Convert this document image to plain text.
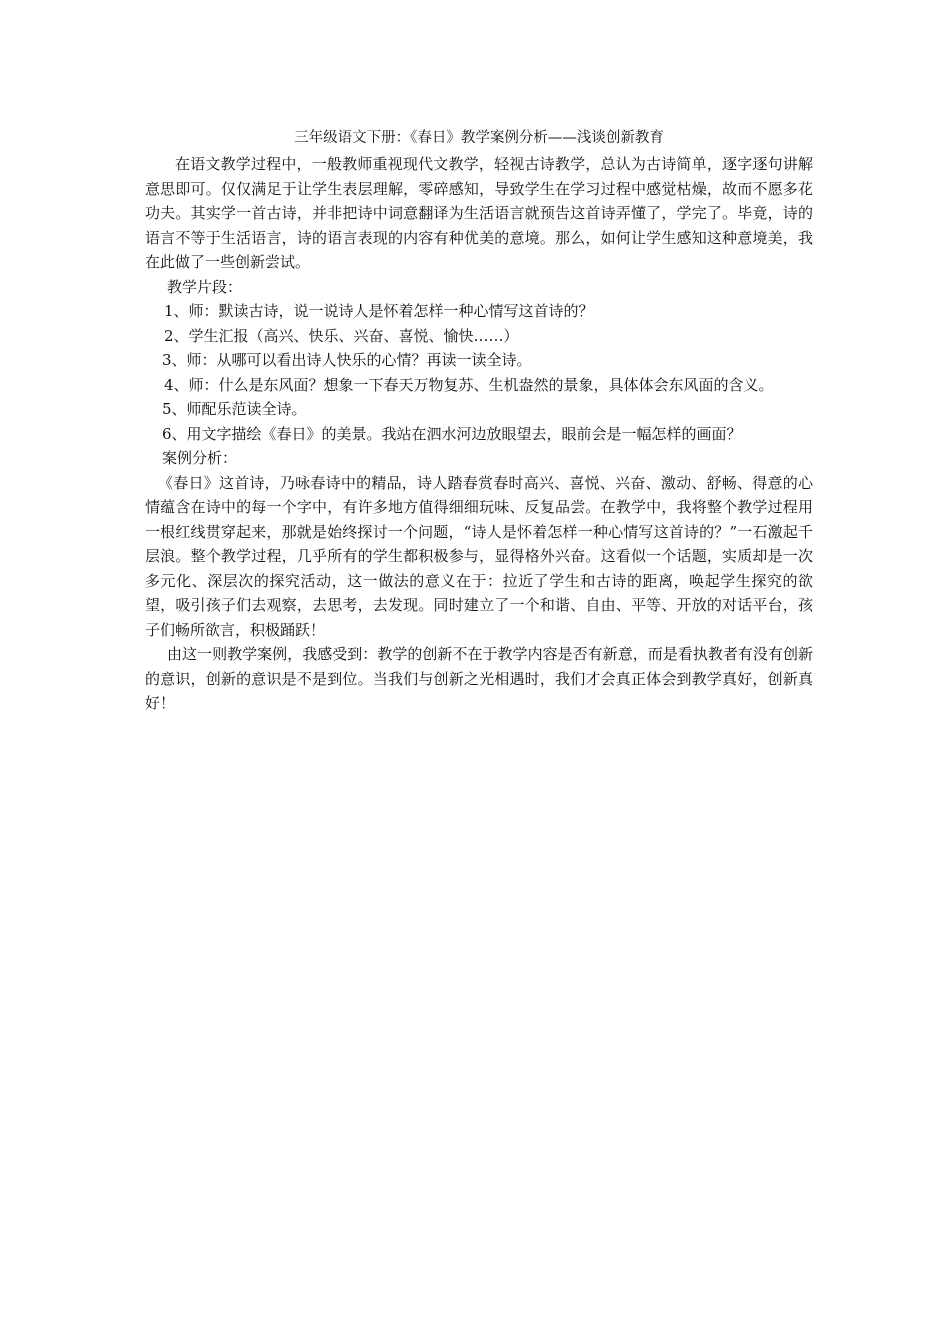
三年级语文下册：《春日》教学案例分析——浅谈创新教育

在语文教学过程中，一般教师重视现代文教学，轻视古诗教学，总认为古诗简单，逐字逐句讲解意思即可。仅仅满足于让学生表层理解，零碎感知，导致学生在学习过程中感觉枯燥，故而不愿多花功夫。其实学一首古诗，并非把诗中词意翻译为生活语言就预告这首诗弄懂了，学完了。毕竟，诗的语言不等于生活语言，诗的语言表现的内容有种优美的意境。那么，如何让学生感知这种意境美，我在此做了一些创新尝试。

教学片段：

1、师：默读古诗，说一说诗人是怀着怎样一种心情写这首诗的？

2、学生汇报（高兴、快乐、兴奋、喜悦、愉快……）

3、师：从哪可以看出诗人快乐的心情？再读一读全诗。

4、师：什么是东风面？想象一下春天万物复苏、生机盎然的景象，具体体会东风面的含义。

5、师配乐范读全诗。

6、用文字描绘《春日》的美景。我站在泗水河边放眼望去，眼前会是一幅怎样的画面？

案例分析：

《春日》这首诗，乃咏春诗中的精品，诗人踏春赏春时高兴、喜悦、兴奋、激动、舒畅、得意的心情蕴含在诗中的每一个字中，有许多地方值得细细玩味、反复品尝。在教学中，我将整个教学过程用一根红线贯穿起来，那就是始终探讨一个问题，“诗人是怀着怎样一种心情写这首诗的？”一石激起千层浪。整个教学过程，几乎所有的学生都积极参与，显得格外兴奋。这看似一个话题，实质却是一次多元化、深层次的探究活动，这一做法的意义在于：拉近了学生和古诗的距离，唤起学生探究的欲望，吸引孩子们去观察，去思考，去发现。同时建立了一个和谐、自由、平等、开放的对话平台，孩子们畅所欲言，积极踊跃！

由这一则教学案例，我感受到：教学的创新不在于教学内容是否有新意，而是看执教者有没有创新的意识，创新的意识是不是到位。当我们与创新之光相遇时，我们才会真正体会到教学真好，创新真好！
